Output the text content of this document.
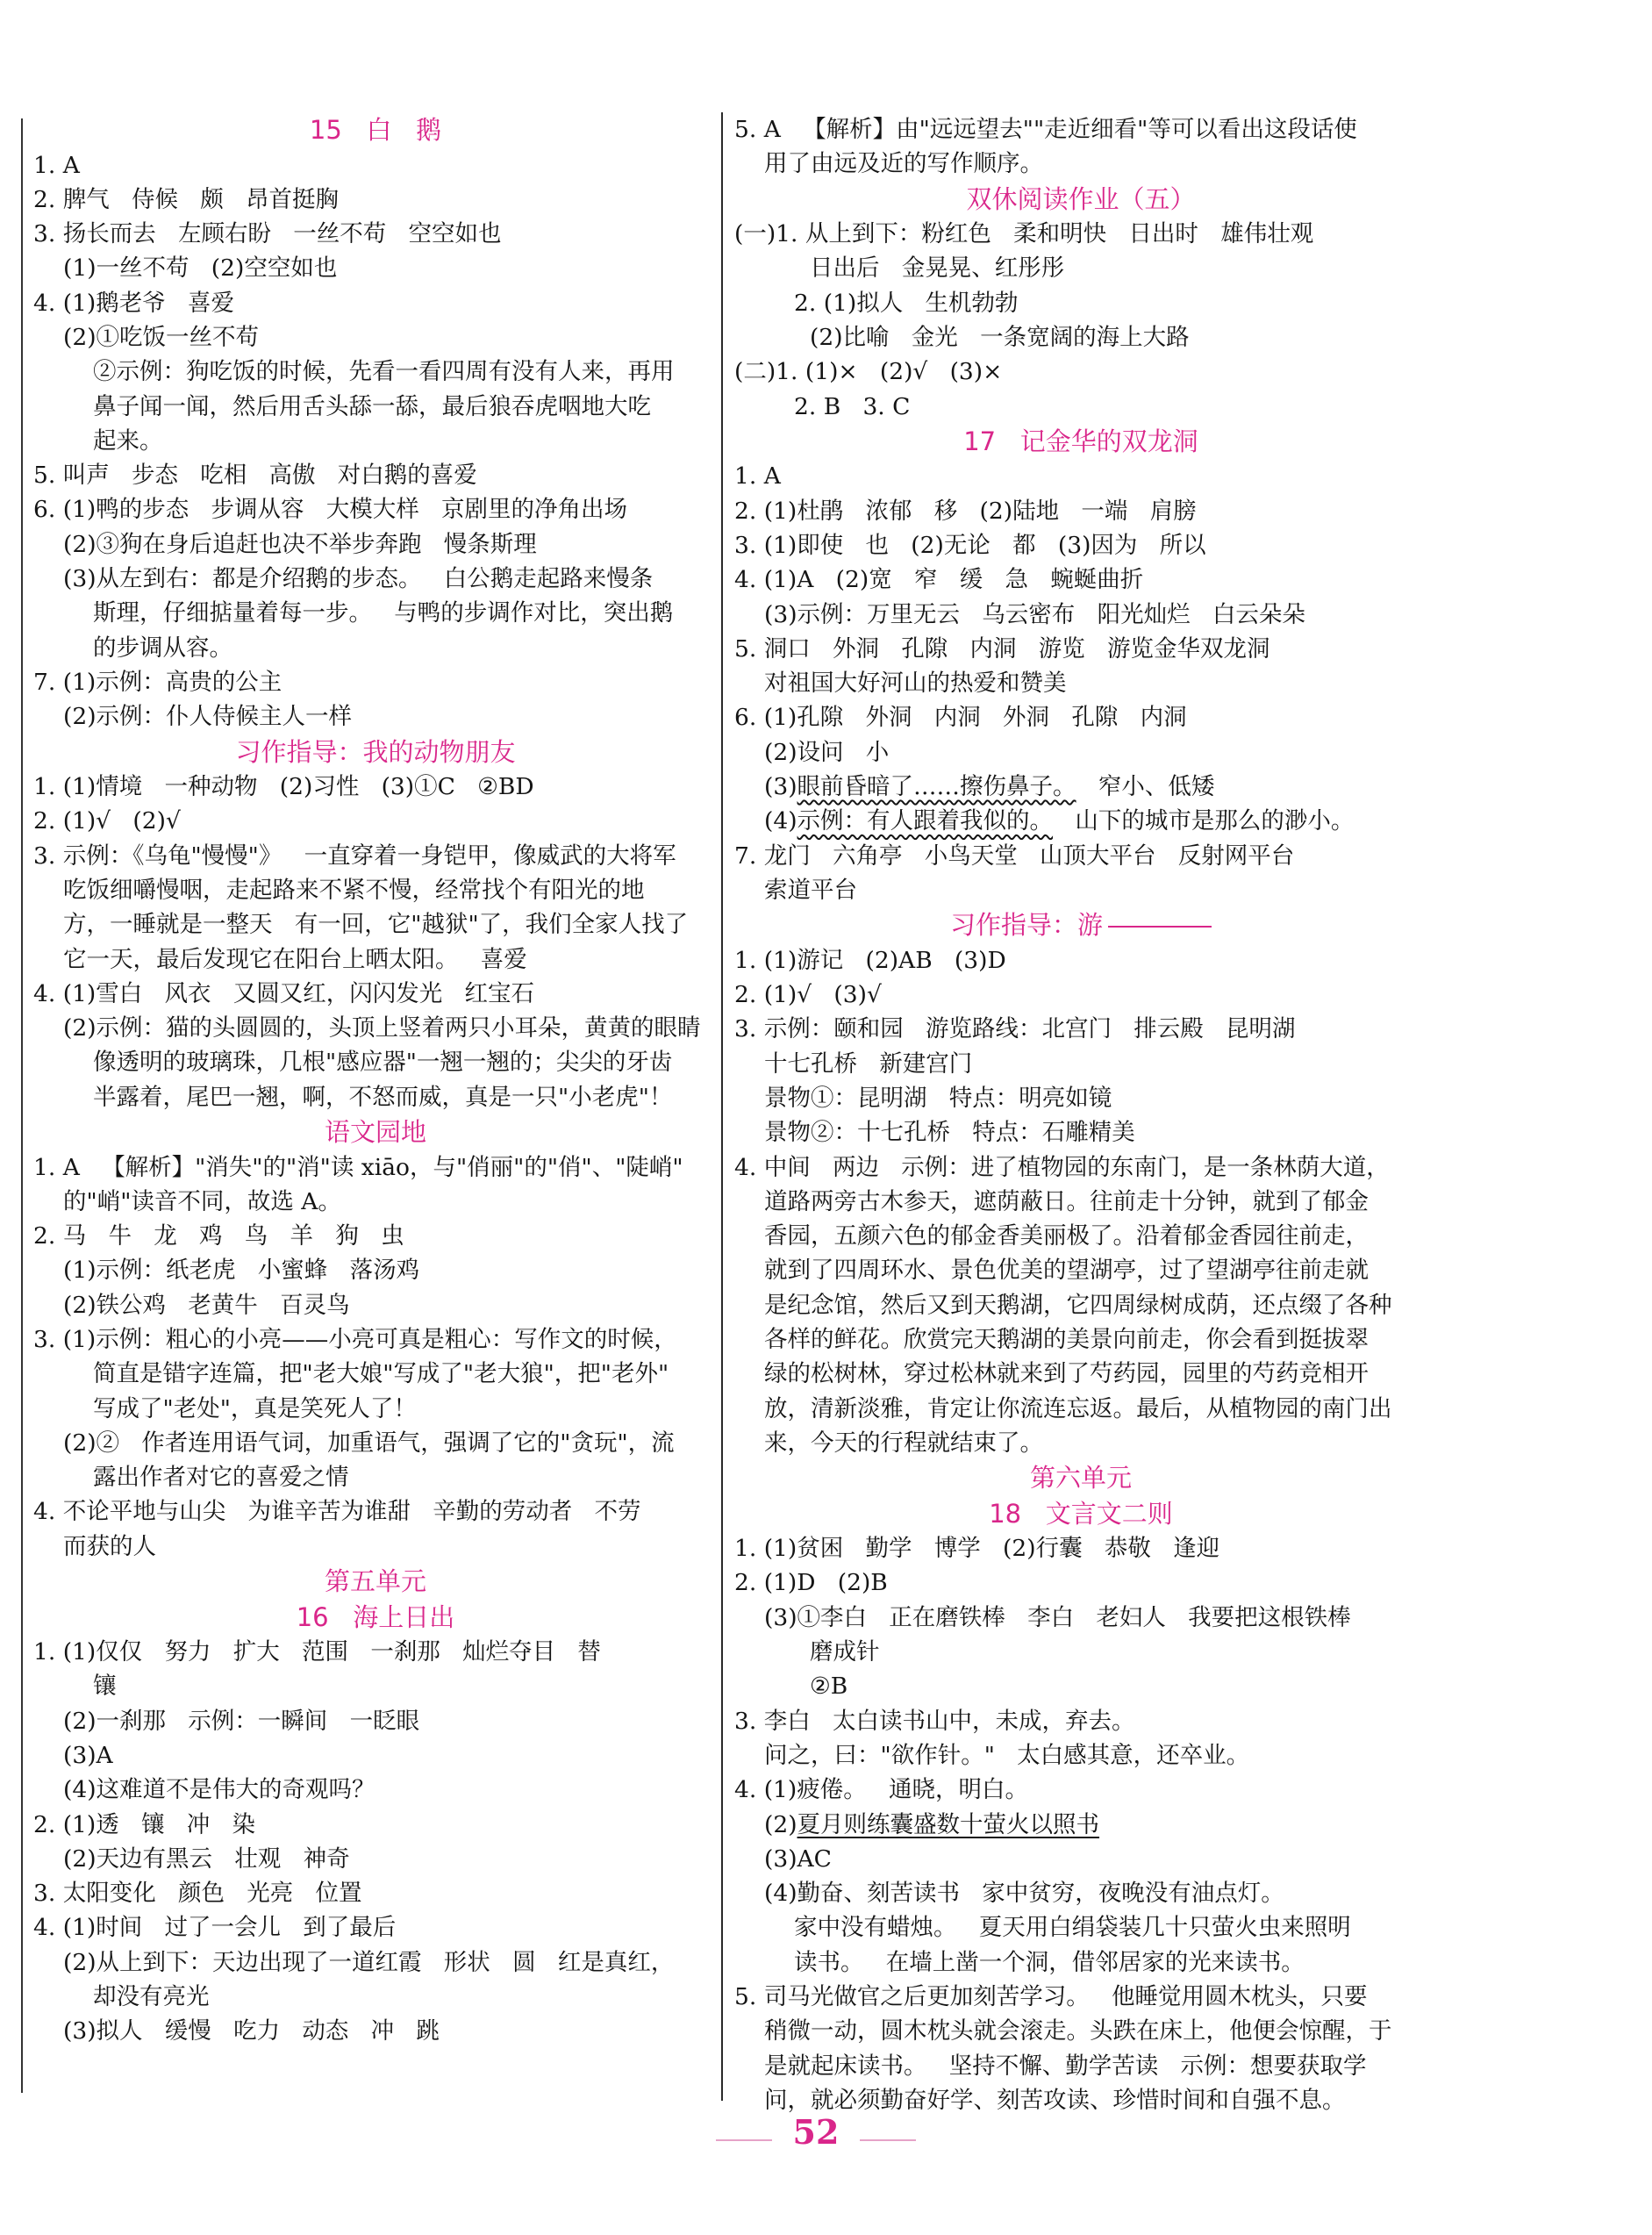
15   白   鹅
1. A
2. 脾气   侍候   颇   昂首挺胸
3. 扬长而去   左顾右盼   一丝不苟   空空如也
(1)一丝不苟   (2)空空如也
4. (1)鹅老爷   喜爱
(2)①吃饭一丝不苟
②示例：狗吃饭的时候，先看一看四周有没有人来，再用
鼻子闻一闻，然后用舌头舔一舔，最后狼吞虎咽地大吃
起来。
5. 叫声   步态   吃相   高傲   对白鹅的喜爱
6. (1)鸭的步态   步调从容   大模大样   京剧里的净角出场
(2)③狗在身后追赶也决不举步奔跑   慢条斯理
(3)从左到右：都是介绍鹅的步态。   白公鹅走起路来慢条
斯理，仔细掂量着每一步。   与鸭的步调作对比，突出鹅
的步调从容。
7. (1)示例：高贵的公主
(2)示例：仆人侍候主人一样
习作指导：我的动物朋友
1. (1)情境   一种动物   (2)习性   (3)①C   ②BD
2. (1)√   (2)√
3. 示例：《乌龟"慢慢"》   一直穿着一身铠甲，像威武的大将军
吃饭细嚼慢咽，走起路来不紧不慢，经常找个有阳光的地
方，一睡就是一整天   有一回，它"越狱"了，我们全家人找了
它一天，最后发现它在阳台上晒太阳。   喜爱
4. (1)雪白   风衣   又圆又红，闪闪发光   红宝石
(2)示例：猫的头圆圆的，头顶上竖着两只小耳朵，黄黄的眼睛
像透明的玻璃珠，几根"感应器"一翘一翘的；尖尖的牙齿
半露着，尾巴一翘，啊，不怒而威，真是一只"小老虎"！
语文园地
1. A   【解析】"消失"的"消"读 xiāo，与"俏丽"的"俏"、"陡峭"
的"峭"读音不同，故选 A。
2. 马   牛   龙   鸡   鸟   羊   狗   虫
(1)示例：纸老虎   小蜜蜂   落汤鸡
(2)铁公鸡   老黄牛   百灵鸟
3. (1)示例：粗心的小亮——小亮可真是粗心：写作文的时候，
简直是错字连篇，把"老大娘"写成了"老大狼"，把"老外"
写成了"老处"，真是笑死人了！
(2)②   作者连用语气词，加重语气，强调了它的"贪玩"，流
露出作者对它的喜爱之情
4. 不论平地与山尖   为谁辛苦为谁甜   辛勤的劳动者   不劳
而获的人
第五单元
16   海上日出
1. (1)仅仅   努力   扩大   范围   一刹那   灿烂夺目   替
镶
(2)一刹那   示例：一瞬间   一眨眼
(3)A
(4)这难道不是伟大的奇观吗？
2. (1)透   镶   冲   染
(2)天边有黑云   壮观   神奇
3. 太阳变化   颜色   光亮   位置
4. (1)时间   过了一会儿   到了最后
(2)从上到下：天边出现了一道红霞   形状   圆   红是真红，
却没有亮光
(3)拟人   缓慢   吃力   动态   冲   跳
5. A   【解析】由"远远望去""走近细看"等可以看出这段话使
用了由远及近的写作顺序。
双休阅读作业（五）
(一)1. 从上到下：粉红色   柔和明快   日出时   雄伟壮观
日出后   金晃晃、红彤彤
2. (1)拟人   生机勃勃
(2)比喻   金光   一条宽阔的海上大路
(二)1. (1)×   (2)√   (3)×
2. B   3. C
17   记金华的双龙洞
1. A
2. (1)杜鹃   浓郁   移   (2)陆地   一端   肩膀
3. (1)即使   也   (2)无论   都   (3)因为   所以
4. (1)A   (2)宽   窄   缓   急   蜿蜒曲折
(3)示例：万里无云   乌云密布   阳光灿烂   白云朵朵
5. 洞口   外洞   孔隙   内洞   游览   游览金华双龙洞
对祖国大好河山的热爱和赞美
6. (1)孔隙   外洞   内洞   外洞   孔隙   内洞
(2)设问   小
(3)眼前昏暗了……擦伤鼻子。   窄小、低矮
(4)示例：有人跟着我似的。   山下的城市是那么的渺小。
7. 龙门   六角亭   小鸟天堂   山顶大平台   反射网平台
索道平台
习作指导：游
1. (1)游记   (2)AB   (3)D
2. (1)√   (3)√
3. 示例：颐和园   游览路线：北宫门   排云殿   昆明湖
十七孔桥   新建宫门
景物①：昆明湖   特点：明亮如镜
景物②：十七孔桥   特点：石雕精美
4. 中间   两边   示例：进了植物园的东南门，是一条林荫大道，
道路两旁古木参天，遮荫蔽日。往前走十分钟，就到了郁金
香园，五颜六色的郁金香美丽极了。沿着郁金香园往前走，
就到了四周环水、景色优美的望湖亭，过了望湖亭往前走就
是纪念馆，然后又到天鹅湖，它四周绿树成荫，还点缀了各种
各样的鲜花。欣赏完天鹅湖的美景向前走，你会看到挺拔翠
绿的松树林，穿过松林就来到了芍药园，园里的芍药竞相开
放，清新淡雅，肯定让你流连忘返。最后，从植物园的南门出
来，今天的行程就结束了。
第六单元
18   文言文二则
1. (1)贫困   勤学   博学   (2)行囊   恭敬   逢迎
2. (1)D   (2)B
(3)①李白   正在磨铁棒   李白   老妇人   我要把这根铁棒
磨成针
②B
3. 李白   太白读书山中，未成，弃去。
问之，曰："欲作针。"   太白感其意，还卒业。
4. (1)疲倦。   通晓，明白。
(2)夏月则练囊盛数十萤火以照书
(3)AC
(4)勤奋、刻苦读书   家中贫穷，夜晚没有油点灯。
家中没有蜡烛。   夏天用白绢袋装几十只萤火虫来照明
读书。   在墙上凿一个洞，借邻居家的光来读书。
5. 司马光做官之后更加刻苦学习。   他睡觉用圆木枕头，只要
稍微一动，圆木枕头就会滚走。头跌在床上，他便会惊醒，于
是就起床读书。   坚持不懈、勤学苦读   示例：想要获取学
问，就必须勤奋好学、刻苦攻读、珍惜时间和自强不息。
52
